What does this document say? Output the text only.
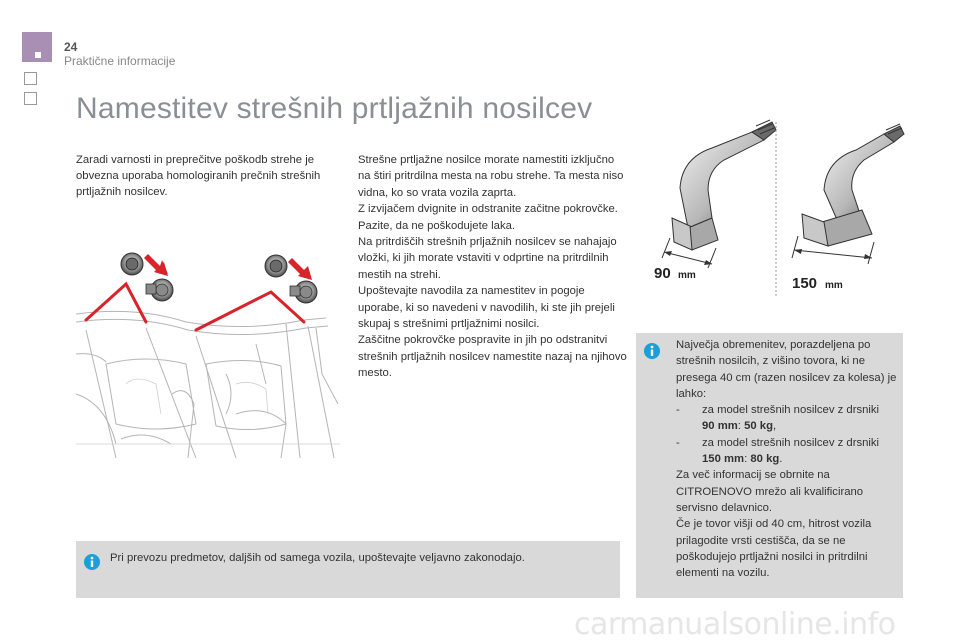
24
Praktične informacije
Namestitev strešnih prtljažnih nosilcev

Zaradi varnosti in preprečitve poškodb strehe je obvezna uporaba homologiranih prečnih strešnih prtljažnih nosilcev.

Strešne prtljažne nosilce morate namestiti izključno na štiri pritrdilna mesta na robu strehe. Ta mesta niso vidna, ko so vrata vozila zaprta.

Z izvijačem dvignite in odstranite začitne pokrovčke. Pazite, da ne poškodujete laka.

Na pritrdiščih strešnih prljažnih nosilcev se nahajajo vložki, ki jih morate vstaviti v odprtine na pritrdilnih mestih na strehi.

Upoštevajte navodila za namestitev in pogoje uporabe, ki so navedeni v navodilih, ki ste jih prejeli skupaj s strešnimi prtljažnimi nosilci.

Zaščitne pokrovčke pospravite in jih po odstranitvi strešnih prtljažnih nosilcev namestite nazaj na njihovo mesto.

90 mm	150 mm
Največja obremenitev, porazdeljena po strešnih nosilcih, z višino tovora, ki ne presega 40 cm (razen nosilcev za kolesa) je lahko:
-	za model strešnih nosilcev z drsniki
90 mm: 50 kg,
-	za model strešnih nosilcev z drsniki
150 mm: 80 kg.
Za več informacij se obrnite na CITROENOVO mrežo ali kvalificirano servisno delavnico.
Če je tovor višji od 40 cm, hitrost vozila prilagodite vrsti cestišča, da se ne poškodujejo prtljažni nosilci in pritrdilni elementi na vozilu.
Pri prevozu predmetov, daljših od samega vozila, upoštevajte veljavno zakonodajo.
carmanualsonline.info
